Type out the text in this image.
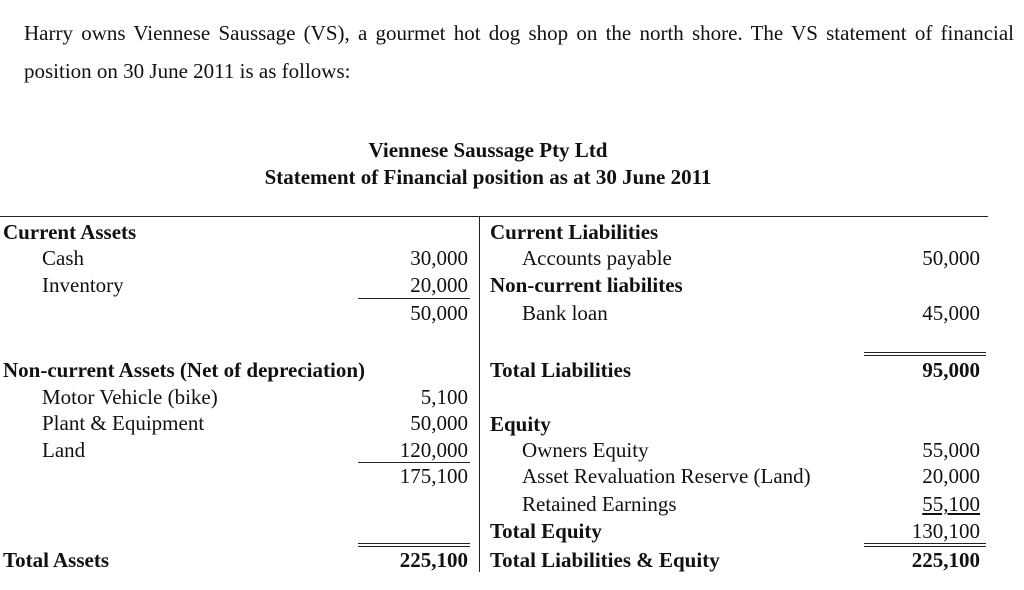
Harry owns Viennese Saussage (VS), a gourmet hot dog shop on the north shore. The VS statement of financial position on 30 June 2011 is as follows:
Viennese Saussage Pty Ltd
Statement of Financial position as at 30 June 2011
Current Assets
Cash	30,000
Inventory	20,000
50,000
Non-current Assets (Net of depreciation)
Motor Vehicle (bike)	5,100
Plant & Equipment	50,000
Land	120,000
175,100
Total Assets	225,100
Current Liabilities
Accounts payable	50,000
Non-current liabilites
Bank loan	45,000
Total Liabilities	95,000
Equity
Owners Equity	55,000
Asset Revaluation Reserve (Land)	20,000
Retained Earnings	55,100
Total Equity	130,100
Total Liabilities & Equity	225,100
